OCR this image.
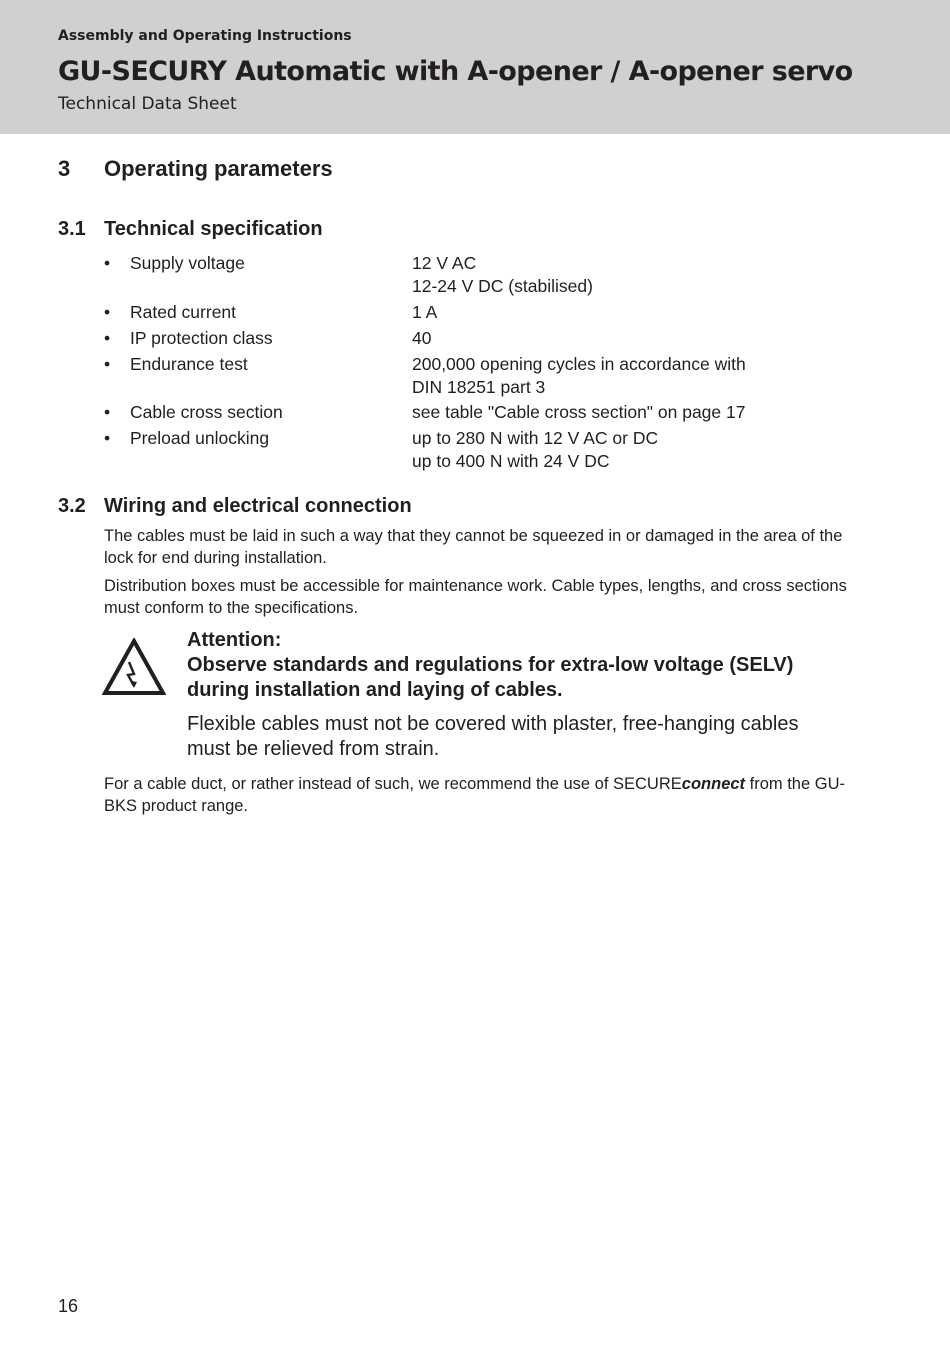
Assembly and Operating Instructions
GU-SECURY Automatic with A-opener / A-opener servo
Technical Data Sheet
3 Operating parameters
3.1 Technical specification
• Supply voltage	12 V AC
12-24 V DC (stabilised)
• Rated current	1 A
• IP protection class	40
• Endurance test	200,000 opening cycles in accordance with
DIN 18251 part 3
• Cable cross section	see table "Cable cross section" on page 17
• Preload unlocking	up to 280 N with 12 V AC or DC
up to 400 N with 24 V DC
3.2 Wiring and electrical connection
The cables must be laid in such a way that they cannot be squeezed in or damaged in the area of the lock for end during installation.
Distribution boxes must be accessible for maintenance work. Cable types, lengths, and cross sections must conform to the specifications.
Attention:
Observe standards and regulations for extra-low voltage (SELV)
during installation and laying of cables.
Flexible cables must not be covered with plaster, free-hanging cables must be relieved from strain.
For a cable duct, or rather instead of such, we recommend the use of SECUREconnect from the GU-BKS product range.
16
